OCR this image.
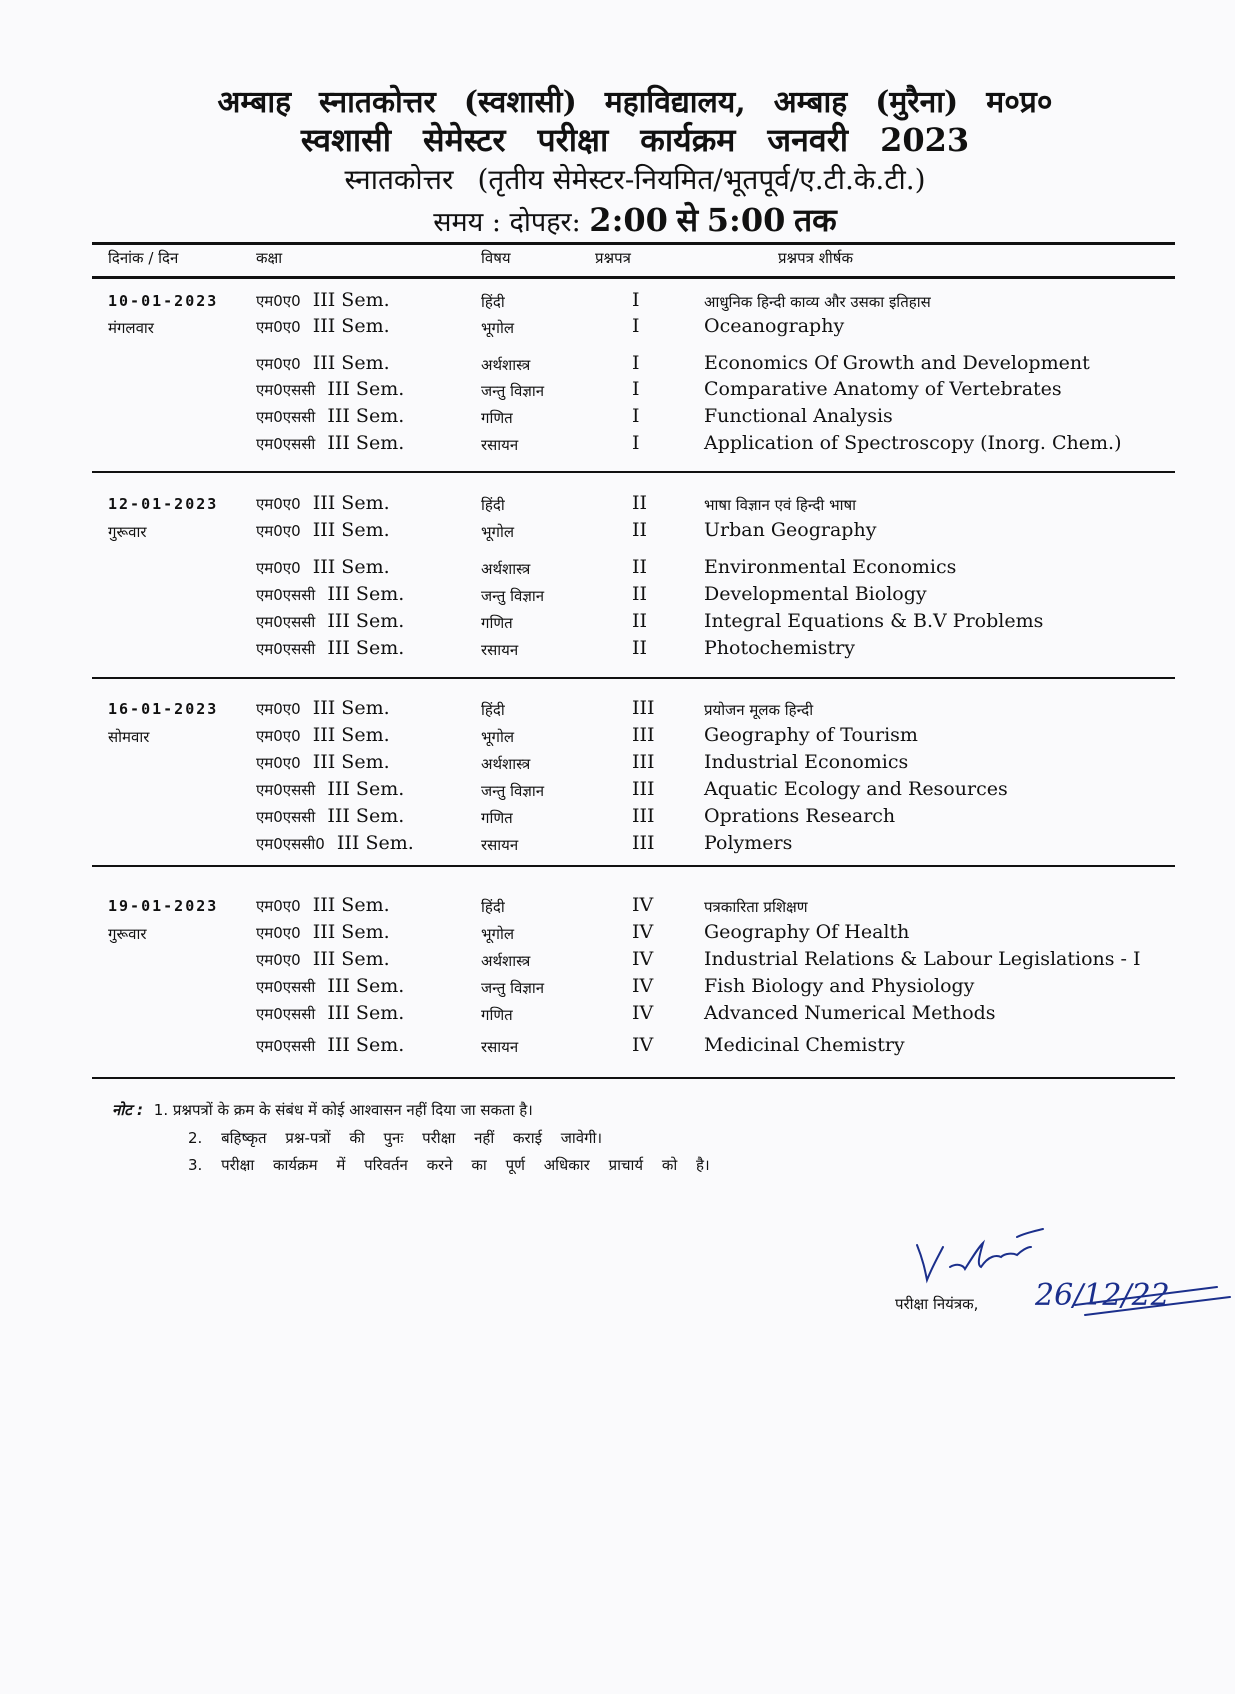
अम्बाह स्नातकोत्तर (स्वशासी) महाविद्यालय, अम्बाह (मुरैना) म०प्र०
स्वशासी सेमेस्टर परीक्षा कार्यक्रम जनवरी 2023
स्नातकोत्तर (तृतीय सेमेस्टर-नियमित/भूतपूर्व/ए.टी.के.टी.)
समय : दोपहर: 2:00 से 5:00 तक
दिनांक / दिन	कक्षा	विषय	प्रश्नपत्र	प्रश्नपत्र शीर्षक
10-01-2023	एम0ए0 III Sem.	हिंदी	I	आधुनिक हिन्दी काव्य और उसका इतिहास
मंगलवार	एम0ए0 III Sem.	भूगोल	I	Oceanography
एम0ए0 III Sem.	अर्थशास्त्र	I	Economics Of Growth and Development
एम0एससी III Sem.	जन्तु विज्ञान	I	Comparative Anatomy of Vertebrates
एम0एससी III Sem.	गणित	I	Functional Analysis
एम0एससी III Sem.	रसायन	I	Application of Spectroscopy (Inorg. Chem.)
12-01-2023	एम0ए0 III Sem.	हिंदी	II	भाषा विज्ञान एवं हिन्दी भाषा
गुरूवार	एम0ए0 III Sem.	भूगोल	II	Urban Geography
एम0ए0 III Sem.	अर्थशास्त्र	II	Environmental Economics
एम0एससी III Sem.	जन्तु विज्ञान	II	Developmental Biology
एम0एससी III Sem.	गणित	II	Integral Equations & B.V Problems
एम0एससी III Sem.	रसायन	II	Photochemistry
16-01-2023	एम0ए0 III Sem.	हिंदी	III	प्रयोजन मूलक हिन्दी
सोमवार	एम0ए0 III Sem.	भूगोल	III	Geography of Tourism
एम0ए0 III Sem.	अर्थशास्त्र	III	Industrial Economics
एम0एससी III Sem.	जन्तु विज्ञान	III	Aquatic Ecology and Resources
एम0एससी III Sem.	गणित	III	Oprations Research
एम0एससी0 III Sem.	रसायन	III	Polymers
19-01-2023	एम0ए0 III Sem.	हिंदी	IV	पत्रकारिता प्रशिक्षण
गुरूवार	एम0ए0 III Sem.	भूगोल	IV	Geography Of Health
एम0ए0 III Sem.	अर्थशास्त्र	IV	Industrial Relations & Labour Legislations - I
एम0एससी III Sem.	जन्तु विज्ञान	IV	Fish Biology and Physiology
एम0एससी III Sem.	गणित	IV	Advanced Numerical Methods
एम0एससी III Sem.	रसायन	IV	Medicinal Chemistry
नोट : 1. प्रश्नपत्रों के क्रम के संबंध में कोई आश्वासन नहीं दिया जा सकता है।
2. बहिष्कृत प्रश्न-पत्रों की पुनः परीक्षा नहीं कराई जावेगी।
3. परीक्षा कार्यक्रम में परिवर्तन करने का पूर्ण अधिकार प्राचार्य को है।
26/12/22
परीक्षा नियंत्रक,
